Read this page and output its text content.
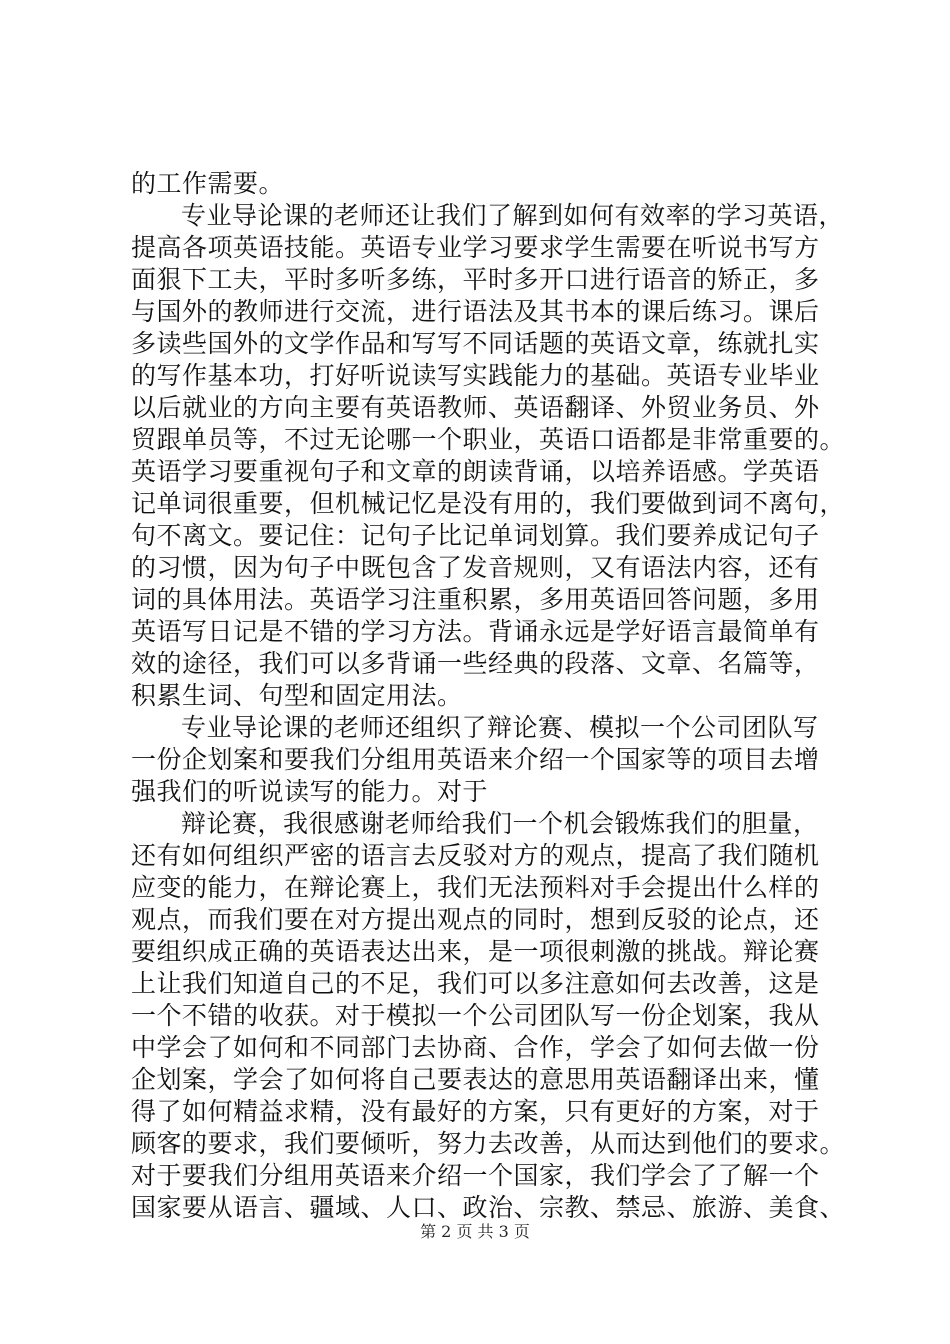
的工作需要。
专业导论课的老师还让我们了解到如何有效率的学习英语，
提高各项英语技能。英语专业学习要求学生需要在听说书写方
面狠下工夫，平时多听多练，平时多开口进行语音的矫正，多
与国外的教师进行交流，进行语法及其书本的课后练习。课后
多读些国外的文学作品和写写不同话题的英语文章，练就扎实
的写作基本功，打好听说读写实践能力的基础。英语专业毕业
以后就业的方向主要有英语教师、英语翻译、外贸业务员、外
贸跟单员等，不过无论哪一个职业，英语口语都是非常重要的。
英语学习要重视句子和文章的朗读背诵，以培养语感。学英语
记单词很重要，但机械记忆是没有用的，我们要做到词不离句，
句不离文。要记住：记句子比记单词划算。我们要养成记句子
的习惯，因为句子中既包含了发音规则，又有语法内容，还有
词的具体用法。英语学习注重积累，多用英语回答问题，多用
英语写日记是不错的学习方法。背诵永远是学好语言最简单有
效的途径，我们可以多背诵一些经典的段落、文章、名篇等，
积累生词、句型和固定用法。
专业导论课的老师还组织了辩论赛、模拟一个公司团队写
一份企划案和要我们分组用英语来介绍一个国家等的项目去增
强我们的听说读写的能力。对于
辩论赛，我很感谢老师给我们一个机会锻炼我们的胆量，
还有如何组织严密的语言去反驳对方的观点，提高了我们随机
应变的能力，在辩论赛上，我们无法预料对手会提出什么样的
观点，而我们要在对方提出观点的同时，想到反驳的论点，还
要组织成正确的英语表达出来，是一项很刺激的挑战。辩论赛
上让我们知道自己的不足，我们可以多注意如何去改善，这是
一个不错的收获。对于模拟一个公司团队写一份企划案，我从
中学会了如何和不同部门去协商、合作，学会了如何去做一份
企划案，学会了如何将自己要表达的意思用英语翻译出来，懂
得了如何精益求精，没有最好的方案，只有更好的方案，对于
顾客的要求，我们要倾听，努力去改善，从而达到他们的要求。
对于要我们分组用英语来介绍一个国家，我们学会了了解一个
国家要从语言、疆域、人口、政治、宗教、禁忌、旅游、美食、
第 2 页 共 3 页
